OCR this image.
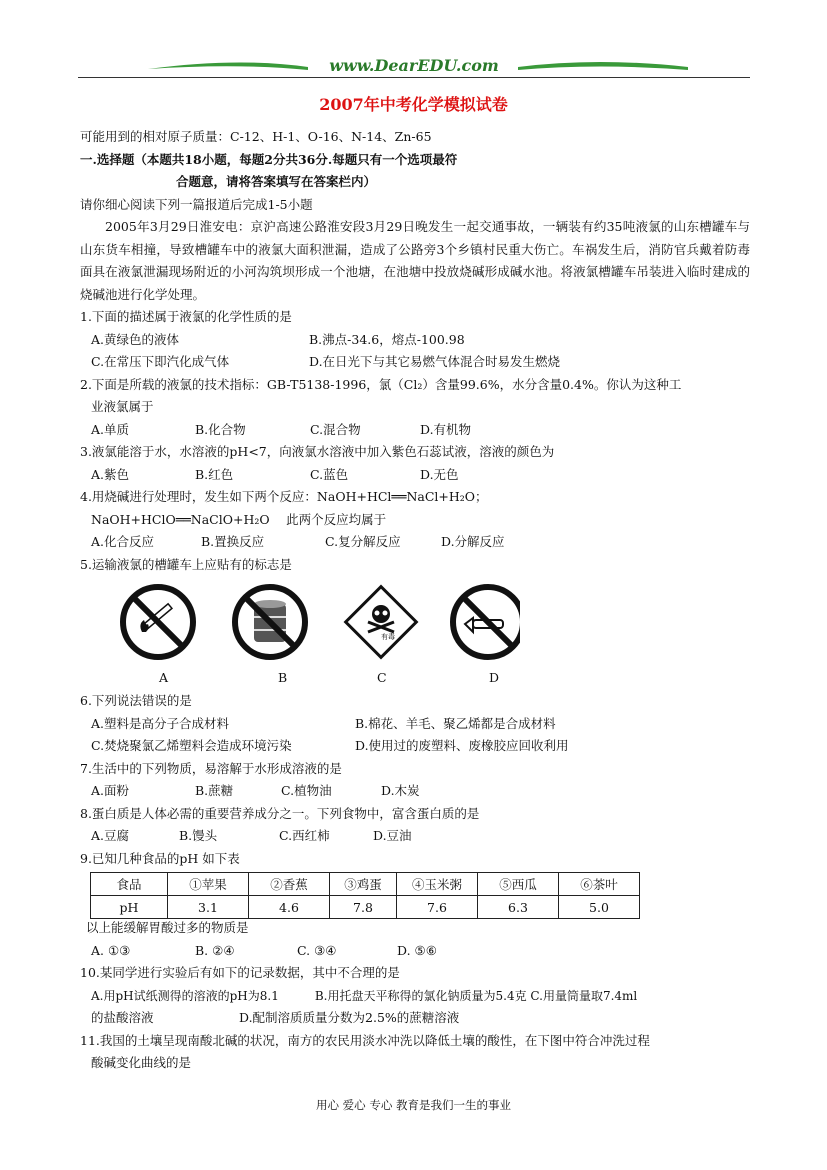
www.DearEDU.com
2007年中考化学模拟试卷
可能用到的相对原子质量：C-12、H-1、O-16、N-14、Zn-65
一.选择题（本题共18小题，每题2分共36分.每题只有一个选项最符
合题意，请将答案填写在答案栏内）
请你细心阅读下列一篇报道后完成1-5小题
2005年3月29日淮安电：京沪高速公路淮安段3月29日晚发生一起交通事故，一辆装有约35吨液氯的山东槽罐车与山东货车相撞，导致槽罐车中的液氯大面积泄漏，造成了公路旁3个乡镇村民重大伤亡。车祸发生后，消防官兵戴着防毒面具在液氯泄漏现场附近的小河沟筑坝形成一个池塘，在池塘中投放烧碱形成碱水池。将液氯槽罐车吊装进入临时建成的烧碱池进行化学处理。
1.下面的描述属于液氯的化学性质的是
A.黄绿色的液体	B.沸点-34.6，熔点-100.98
C.在常压下即汽化成气体	D.在日光下与其它易燃气体混合时易发生燃烧
2.下面是所载的液氯的技术指标：GB-T5138-1996，氯（Cl₂）含量99.6%，水分含量0.4%。你认为这种工
业液氯属于
A.单质	B.化合物	C.混合物	D.有机物
3.液氯能溶于水，水溶液的pH<7，向液氯水溶液中加入紫色石蕊试液，溶液的颜色为
A.紫色	B.红色	C.蓝色	D.无色
4.用烧碱进行处理时，发生如下两个反应：NaOH+HCl══NaCl+H₂O；
NaOH+HClO══NaClO+H₂O　 此两个反应均属于
A.化合反应	B.置换反应	C.复分解反应	D.分解反应
5.运输液氯的槽罐车上应贴有的标志是
有毒
A	B	C	D
6.下列说法错误的是
A.塑料是高分子合成材料	B.棉花、羊毛、聚乙烯都是合成材料
C.焚烧聚氯乙烯塑料会造成环境污染	D.使用过的废塑料、废橡胶应回收利用
7.生活中的下列物质，易溶解于水形成溶液的是
A.面粉	B.蔗糖	C.植物油	D.木炭
8.蛋白质是人体必需的重要营养成分之一。下列食物中，富含蛋白质的是
A.豆腐	B.馒头	C.西红柿	D.豆油
9.已知几种食品的pH 如下表
食品	①苹果	②香蕉	③鸡蛋	④玉米粥	⑤西瓜	⑥茶叶
pH	3.1	4.6	7.8	7.6	6.3	5.0
以上能缓解胃酸过多的物质是
A. ①③	B. ②④	C. ③④	D. ⑤⑥
10.某同学进行实验后有如下的记录数据，其中不合理的是
A.用pH试纸测得的溶液的pH为8.1　　　B.用托盘天平称得的氯化钠质量为5.4克 C.用量筒量取7.4ml
的盐酸溶液	D.配制溶质质量分数为2.5%的蔗糖溶液
11.我国的土壤呈现南酸北碱的状况，南方的农民用淡水冲洗以降低土壤的酸性，在下图中符合冲洗过程
酸碱变化曲线的是
用心 爱心 专心 教育是我们一生的事业
